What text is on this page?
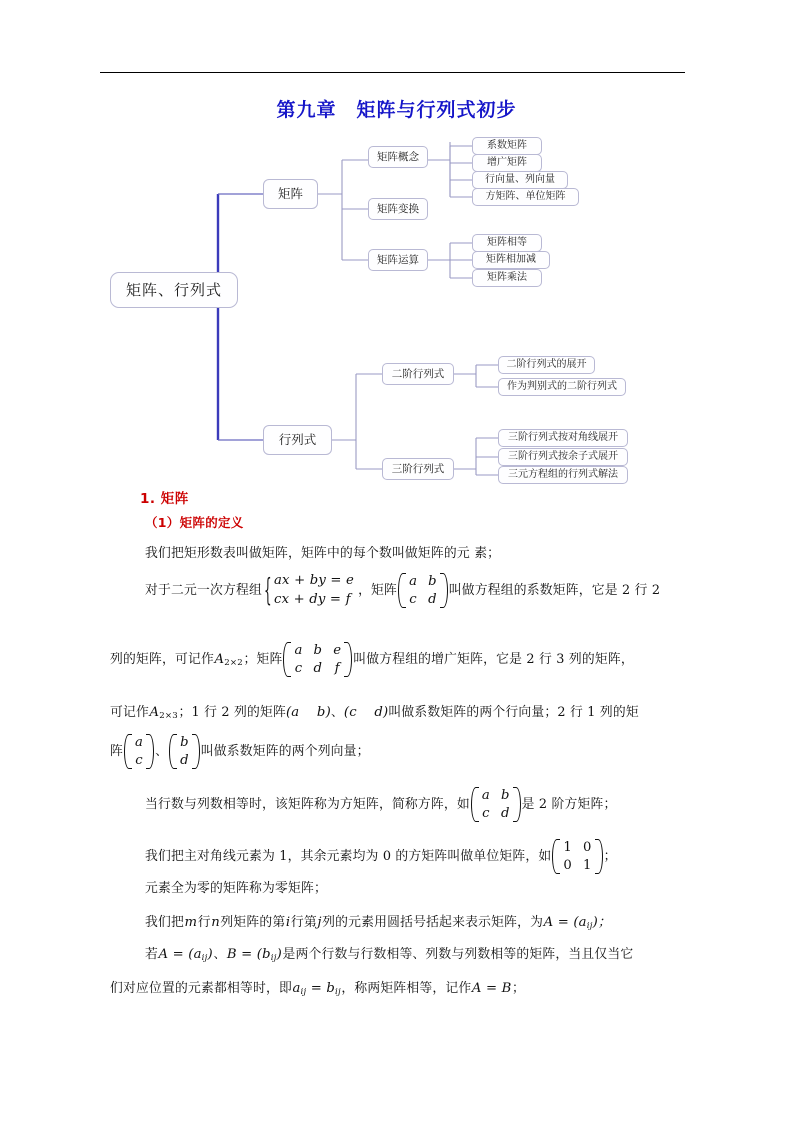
第九章　矩阵与行列式初步
矩阵、行列式
矩阵
矩阵概念
矩阵变换
矩阵运算
系数矩阵
增广矩阵
行向量、列向量
方矩阵、单位矩阵
矩阵相等
矩阵相加减
矩阵乘法
行列式
二阶行列式
三阶行列式
二阶行列式的展开
作为判别式的二阶行列式
三阶行列式按对角线展开
三阶行列式按余子式展开
三元方程组的行列式解法
1. 矩阵
（1）矩阵的定义
我们把矩形数表叫做矩阵，矩阵中的每个数叫做矩阵的元 素；
对于二元一次方程组
{ ax + by = e
cx + dy = f
，矩阵
a b
c d
叫做方程组的系数矩阵，它是 2 行 2
列的矩阵，可记作$A_{2\times 2}$；矩阵
a b e
c d f
叫做方程组的增广矩阵，它是 2 行 3 列的矩阵，
可记作$A_{2\times 3}$；1 行 2 列的矩阵(a    b)、(c    d)叫做系数矩阵的两个行向量；2 行 1 列的矩
阵
a
c
、
b
d
叫做系数矩阵的两个列向量；
当行数与列数相等时，该矩阵称为方矩阵，简称方阵，如
a b
c d
是 2 阶方矩阵；
我们把主对角线元素为 1，其余元素均为 0 的方矩阵叫做单位矩阵，如
1 0
0 1
；
元素全为零的矩阵称为零矩阵；
我们把m行n列矩阵的第i行第j列的元素用圆括号括起来表示矩阵，为$A = (a_{ij})$；
若$A = (a_{ij})$、$B = (b_{ij})$是两个行数与行数相等、列数与列数相等的矩阵，当且仅当它
们对应位置的元素都相等时，即$a_{ij} = b_{ij}$，称两矩阵相等，记作A = B；
